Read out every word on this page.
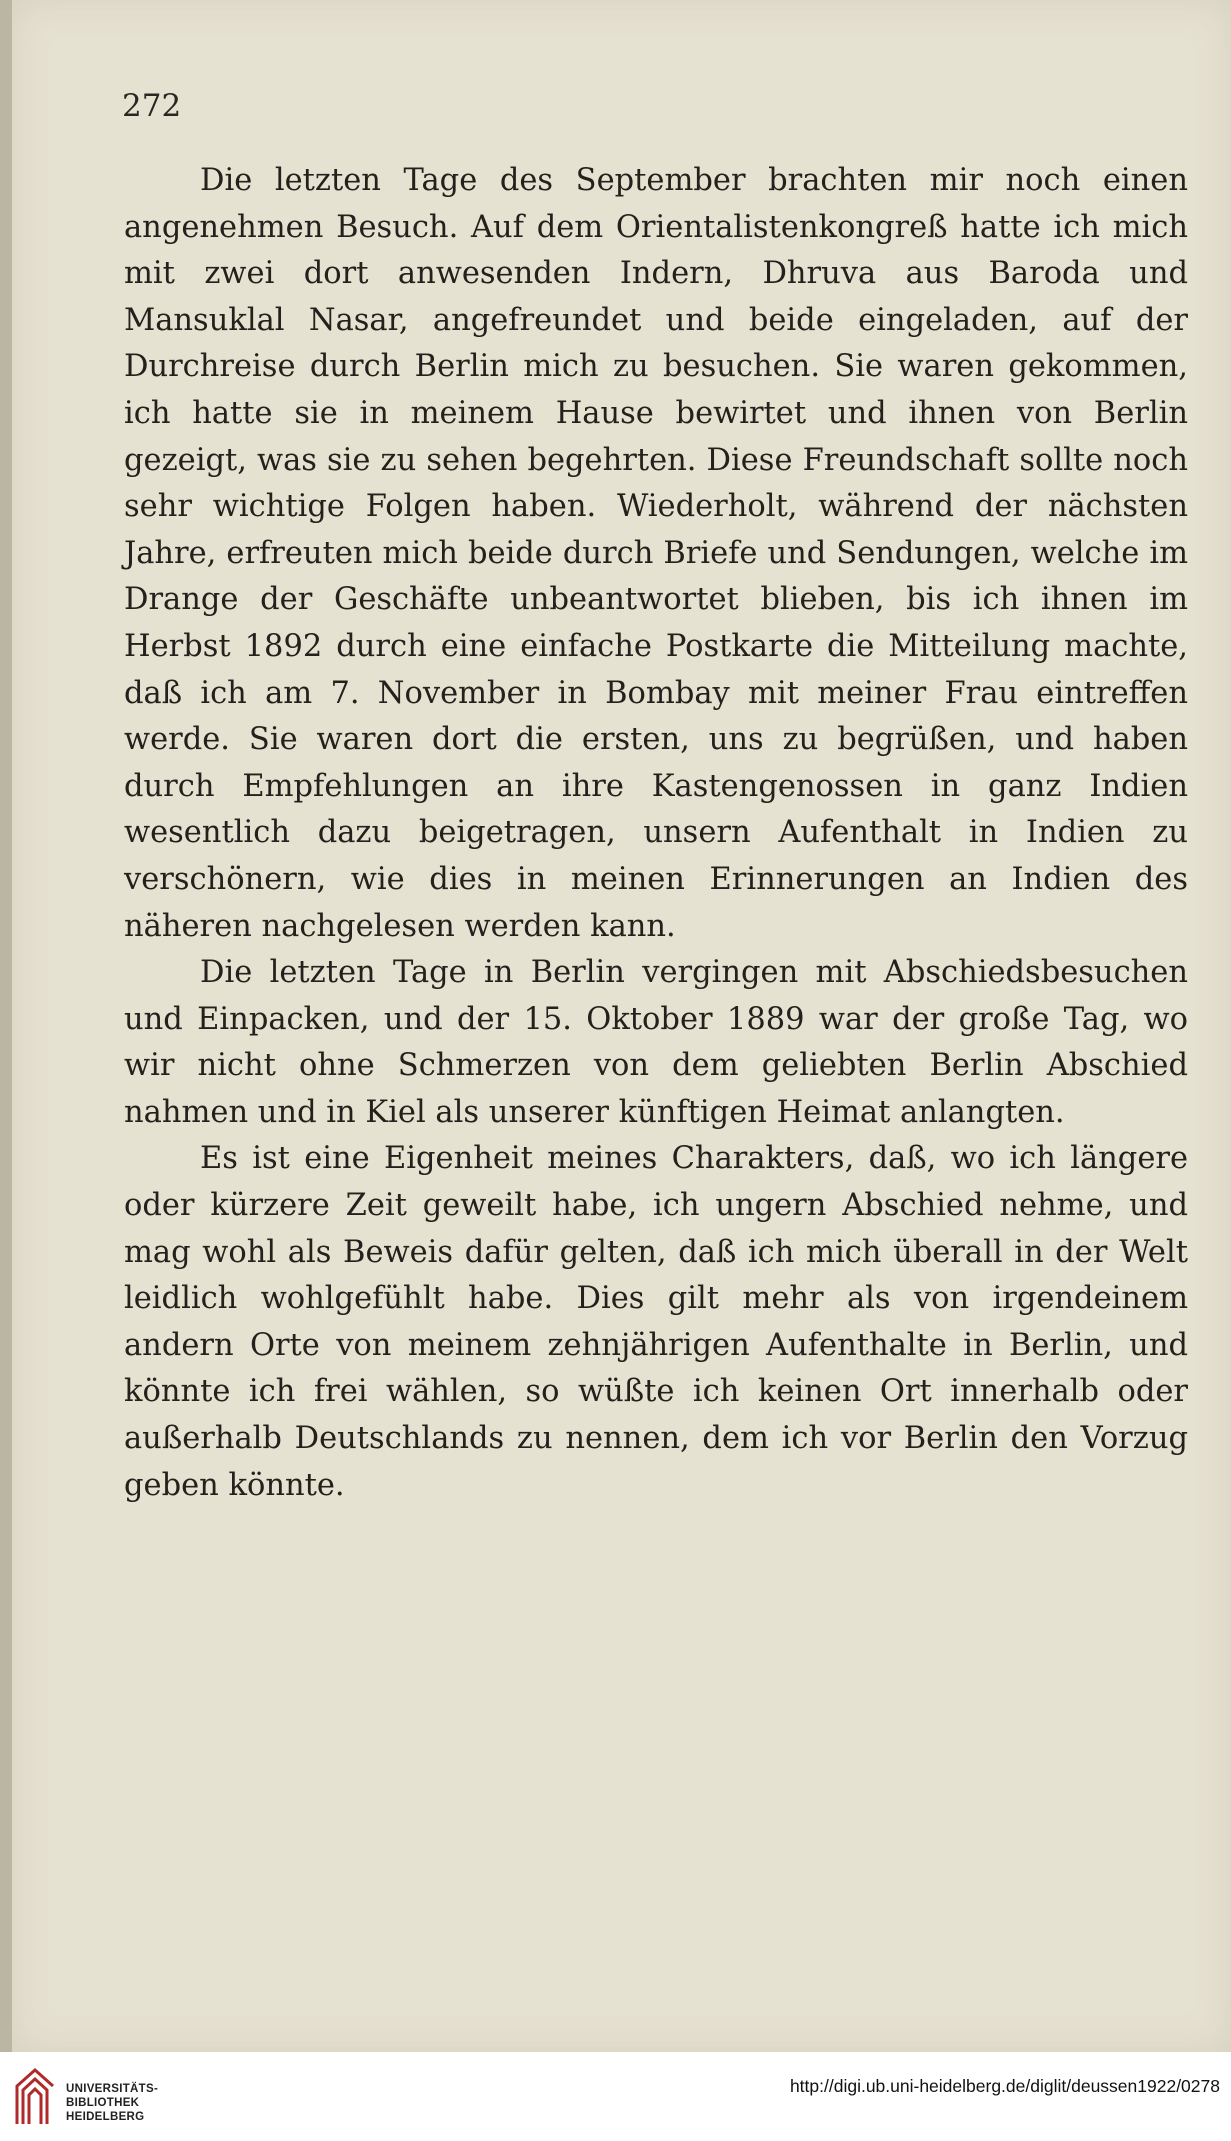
272

Die letzten Tage des September brachten mir noch einen angenehmen Besuch. Auf dem Orientalistenkongreß hatte ich mich mit zwei dort anwesenden Indern, Dhruva aus Baroda und Mansuklal Nasar, angefreundet und beide eingeladen, auf der Durchreise durch Berlin mich zu besuchen. Sie waren gekommen, ich hatte sie in meinem Hause bewirtet und ihnen von Berlin gezeigt, was sie zu sehen begehrten. Diese Freundschaft sollte noch sehr wichtige Folgen haben. Wiederholt, während der nächsten Jahre, erfreuten mich beide durch Briefe und Sendungen, welche im Drange der Geschäfte unbeantwortet blieben, bis ich ihnen im Herbst 1892 durch eine einfache Postkarte die Mitteilung machte, daß ich am 7. November in Bombay mit meiner Frau eintreffen werde. Sie waren dort die ersten, uns zu begrüßen, und haben durch Empfehlungen an ihre Kastengenossen in ganz Indien wesentlich dazu beigetragen, unsern Aufenthalt in Indien zu verschönern, wie dies in meinen Erinnerungen an Indien des näheren nachgelesen werden kann.

Die letzten Tage in Berlin vergingen mit Abschiedsbesuchen und Einpacken, und der 15. Oktober 1889 war der große Tag, wo wir nicht ohne Schmerzen von dem geliebten Berlin Abschied nahmen und in Kiel als unserer künftigen Heimat anlangten.

Es ist eine Eigenheit meines Charakters, daß, wo ich längere oder kürzere Zeit geweilt habe, ich ungern Abschied nehme, und mag wohl als Beweis dafür gelten, daß ich mich überall in der Welt leidlich wohlgefühlt habe. Dies gilt mehr als von irgendeinem andern Orte von meinem zehnjährigen Aufenthalte in Berlin, und könnte ich frei wählen, so wüßte ich keinen Ort innerhalb oder außerhalb Deutschlands zu nennen, dem ich vor Berlin den Vorzug geben könnte.

UNIVERSITÄTS-
BIBLIOTHEK
HEIDELBERG
http://digi.ub.uni-heidelberg.de/diglit/deussen1922/0278
